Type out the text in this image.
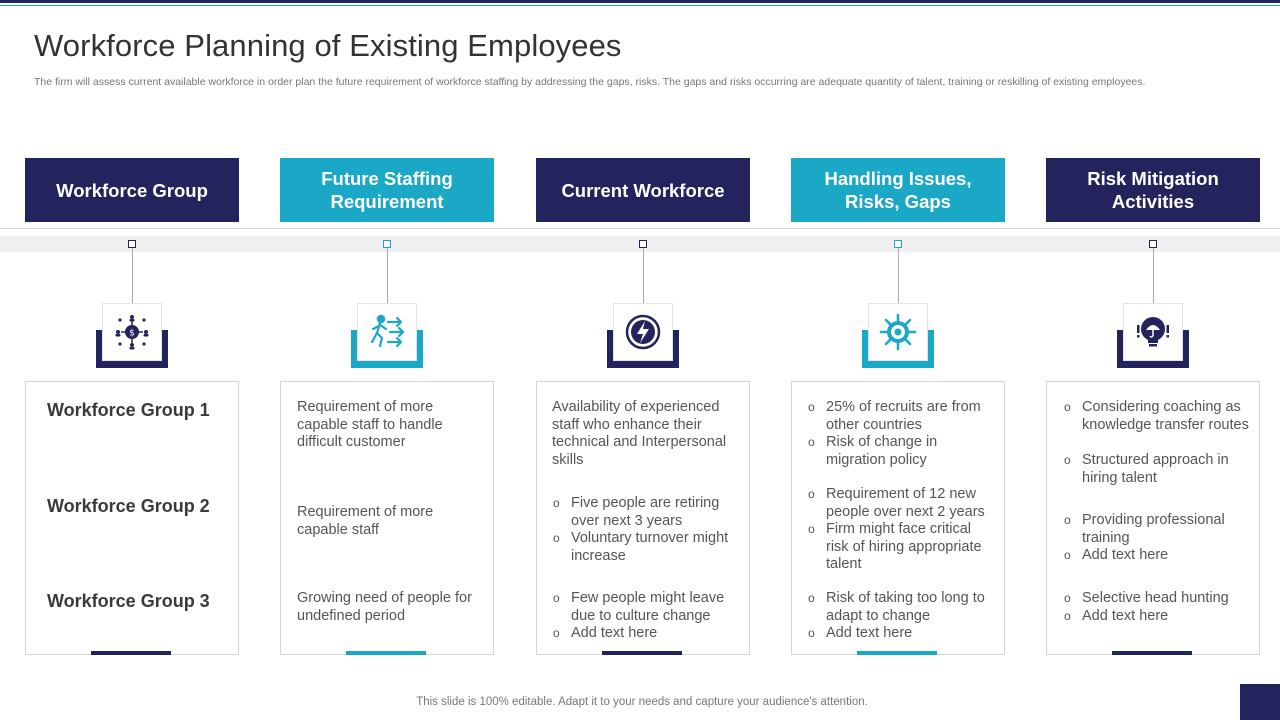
Workforce Planning of Existing Employees

The firm will assess current available workforce in order plan the future requirement of workforce staffing by addressing the gaps, risks. The gaps and risks occurring are adequate quantity of talent, training or reskilling of existing employees.

Workforce Group
$
Workforce Group 1
Workforce Group 2
Workforce Group 3
Future Staffing Requirement
Requirement of more capable staff to handle difficult customer
Requirement of more capable staff
Growing need of people for undefined period
Current Workforce
Availability of experienced staff who enhance their technical and Interpersonal skills
o Five people are retiring over next 3 years
o Voluntary turnover might increase
o Few people might leave due to culture change
o Add text here
Handling Issues, Risks, Gaps
o 25% of recruits are from other countries
o Risk of change in migration policy
o Requirement of 12 new people over next 2 years
o Firm might face critical risk of hiring appropriate talent
o Risk of taking too long to adapt to change
o Add text here
Risk Mitigation Activities
o Considering coaching as knowledge transfer routes
o Structured approach in hiring talent
o Providing professional training
o Add text here
o Selective head hunting
o Add text here
This slide is 100% editable. Adapt it to your needs and capture your audience's attention.
